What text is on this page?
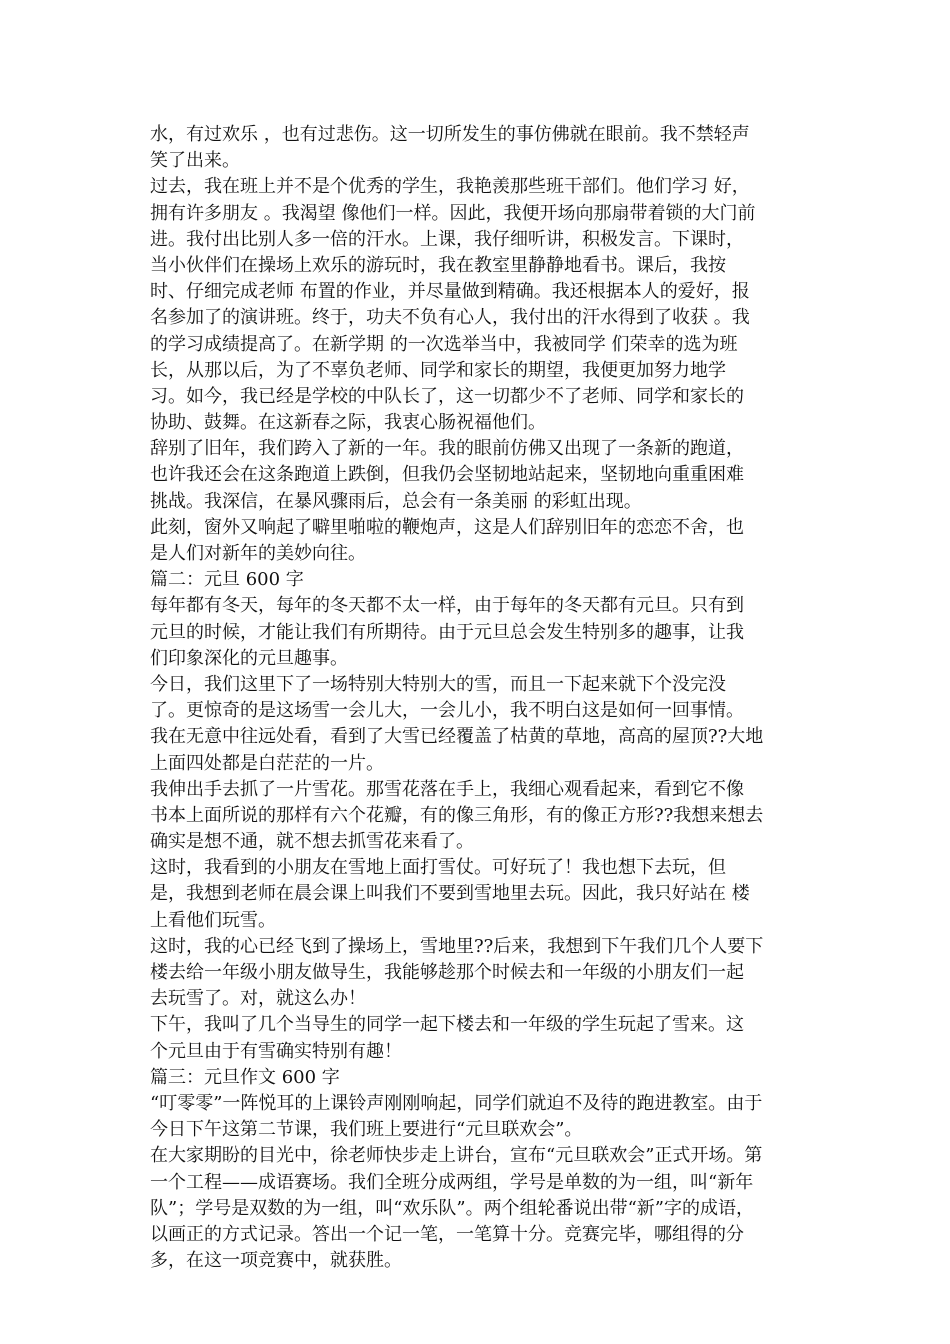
水，有过欢乐 ，也有过悲伤。这一切所发生的事仿佛就在眼前。我不禁轻声
笑了出来。
过去，我在班上并不是个优秀的学生，我艳羡那些班干部们。他们学习 好，
拥有许多朋友 。我渴望 像他们一样。因此，我便开场向那扇带着锁的大门前
进。我付出比别人多一倍的汗水。上课，我仔细听讲，积极发言。下课时，
当小伙伴们在操场上欢乐的游玩时，我在教室里静静地看书。课后，我按
时、仔细完成老师 布置的作业，并尽量做到精确。我还根据本人的爱好，报
名参加了的演讲班。终于，功夫不负有心人，我付出的汗水得到了收获 。我
的学习成绩提高了。在新学期 的一次选举当中，我被同学 们荣幸的选为班
长，从那以后，为了不辜负老师、同学和家长的期望，我便更加努力地学
习。如今，我已经是学校的中队长了，这一切都少不了老师、同学和家长的
协助、鼓舞。在这新春之际，我衷心肠祝福他们。
辞别了旧年，我们跨入了新的一年。我的眼前仿佛又出现了一条新的跑道，
也许我还会在这条跑道上跌倒，但我仍会坚韧地站起来，坚韧地向重重困难
挑战。我深信，在暴风骤雨后，总会有一条美丽 的彩虹出现。
此刻，窗外又响起了噼里啪啦的鞭炮声，这是人们辞别旧年的恋恋不舍，也
是人们对新年的美妙向往。
篇二：元旦 600 字
每年都有冬天，每年的冬天都不太一样，由于每年的冬天都有元旦。只有到
元旦的时候，才能让我们有所期待。由于元旦总会发生特别多的趣事，让我
们印象深化的元旦趣事。
今日，我们这里下了一场特别大特别大的雪，而且一下起来就下个没完没
了。更惊奇的是这场雪一会儿大，一会儿小，我不明白这是如何一回事情。
我在无意中往远处看，看到了大雪已经覆盖了枯黄的草地，高高的屋顶??大地
上面四处都是白茫茫的一片。
我伸出手去抓了一片雪花。那雪花落在手上，我细心观看起来，看到它不像
书本上面所说的那样有六个花瓣，有的像三角形，有的像正方形??我想来想去
确实是想不通，就不想去抓雪花来看了。
这时，我看到的小朋友在雪地上面打雪仗。可好玩了！我也想下去玩，但
是，我想到老师在晨会课上叫我们不要到雪地里去玩。因此，我只好站在 楼
上看他们玩雪。
这时，我的心已经飞到了操场上，雪地里??后来，我想到下午我们几个人要下
楼去给一年级小朋友做导生，我能够趁那个时候去和一年级的小朋友们一起
去玩雪了。对，就这么办！
下午，我叫了几个当导生的同学一起下楼去和一年级的学生玩起了雪来。这
个元旦由于有雪确实特别有趣！
篇三：元旦作文 600 字
“叮零零”一阵悦耳的上课铃声刚刚响起，同学们就迫不及待的跑进教室。由于
今日下午这第二节课，我们班上要进行“元旦联欢会”。
在大家期盼的目光中，徐老师快步走上讲台，宣布“元旦联欢会”正式开场。第
一个工程——成语赛场。我们全班分成两组，学号是单数的为一组，叫“新年
队”；学号是双数的为一组，叫“欢乐队”。两个组轮番说出带“新”字的成语，
以画正的方式记录。答出一个记一笔，一笔算十分。竞赛完毕，哪组得的分
多，在这一项竞赛中，就获胜。
